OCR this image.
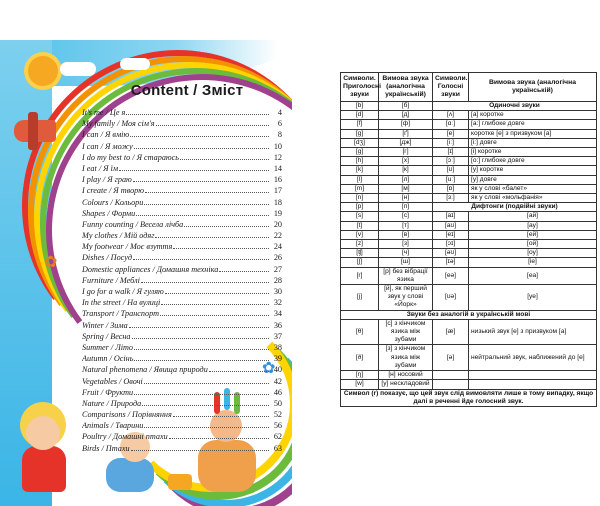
✿
✿
Content / Зміст
It's me / Це я	4
My family / Моя сім'я	6
I can / Я вмію	8
I can / Я можу	10
I do my best to / Я стараюсь	12
I eat / Я їм	14
I play / Я граю	16
I create / Я творю	17
Colours / Кольори	18
Shapes / Форми	19
Funny counting / Весела лічба	20
My clothes / Мій одяг	22
My footwear / Моє взуття	24
Dishes / Посуд	26
Domestic appliances / Домашня техніка	27
Furniture / Меблі	28
I go for a walk / Я гуляю	30
In the street / На вулиці	32
Transport / Транспорт	34
Winter / Зима	36
Spring / Весна	37
Summer / Літо	38
Autumn / Осінь	39
Natural phenomena / Явища природи	40
Vegetables / Овочі	42
Fruit / Фрукти	46
Nature / Природа	50
Comparisons / Порівняння	52
Animals / Тварини	56
Poultry / Домашні птахи	62
Birds / Птахи	63
Символи. Приголосні звуки	Вимова звука (аналогічна українській)	Символи. Голосні звуки	Вимова звука (аналогічна українській)
[b]	[б]	Одиночні звуки	
[d]	[д]	[ʌ]	[а] коротке
[f]	[ф]	[ɑː]	[а:] глибоке довге
[g]	[ґ]	[e]	коротке [е] з призвуком [а]
[dʒ]	[дж]	[iː]	[і:] довге
[g]	[г]	[ɪ]	[і] коротке
[h]	[х]	[ɔː]	[о:] глибоке довге
[k]	[к]	[ʊ]	[у] коротке
[l]	[л]	[uː]	[у] довге
[m]	[м]	[ɒ]	як у слові «балет»
[n]	[н]	[ɜː]	як у слові «мольфанія»
[p]	[п]	Дифтонги (подвійні звуки)	
[s]	[с]	[aɪ]	[ай]
[t]	[т]	[aʊ]	[ау]
[v]	[в]	[eɪ]	[ей]
[z]	[з]	[ɔɪ]	[ой]
[ʧ]	[ч]	[əʊ]	[оу]
[ʃ]	[ш]	[ɪə]	[іе]
[r]	[р] без вібрації язика	[eə]	[еа]
[j]	[й], як перший звук у слові «Йорк»	[ʊə]	[уе]
Звуки без аналогій в українській мові			
[θ]	[с] з кінчиком язика між зубами	[æ]	низький звук [е] з призвуком [а]
[ð]	[з] з кінчиком язика між зубами	[ə]	нейтральний звук, наближений до [е]
[ŋ]	[н] носовий		
[w]	[у] нескладовий		
Символ (r) показує, що цей звук слід вимовляти лише в тому випадку, якщо далі в реченні йде голосний звук.			
